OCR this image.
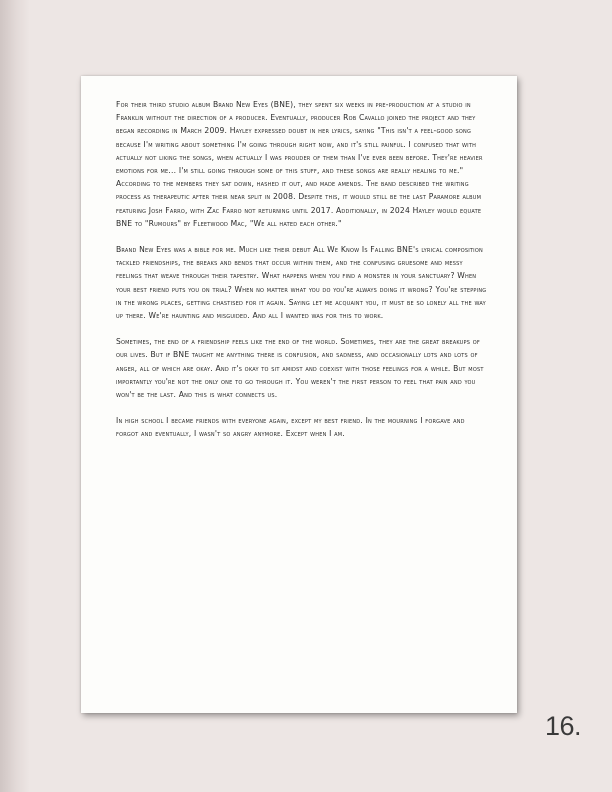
For their third studio album Brand New Eyes (BNE), they spent six weeks in pre-production at a studio in Franklin without the direction of a producer. Eventually, producer Rob Cavallo joined the project and they began recording in March 2009. Hayley expressed doubt in her lyrics, saying "This isn't a feel-good song because I'm writing about something I'm going through right now, and it's still painful. I confused that with actually not liking the songs, when actually I was prouder of them than I've ever been before. They're heavier emotions for me... I'm still going through some of this stuff, and these songs are really healing to me." According to the members they sat down, hashed it out, and made amends. The band described the writing process as therapeutic after their near split in 2008. Despite this, it would still be the last Paramore album featuring Josh Farro, with Zac Farro not returning until 2017. Additionally, in 2024 Hayley would equate BNE to "Rumours" by Fleetwood Mac, "We all hated each other."

Brand New Eyes was a bible for me. Much like their debut All We Know Is Falling BNE's lyrical composition tackled friendships, the breaks and bends that occur within them, and the confusing gruesome and messy feelings that weave through their tapestry. What happens when you find a monster in your sanctuary? When your best friend puts you on trial? When no matter what you do you're always doing it wrong? You're stepping in the wrong places, getting chastised for it again. Saying let me acquaint you, it must be so lonely all the way up there. We're haunting and misguided. And all I wanted was for this to work.

Sometimes, the end of a friendship feels like the end of the world. Sometimes, they are the great breakups of our lives. But if BNE taught me anything there is confusion, and sadness, and occasionally lots and lots of anger, all of which are okay. And it's okay to sit amidst and coexist with those feelings for a while. But most importantly you're not the only one to go through it. You weren't the first person to feel that pain and you won't be the last. And this is what connects us.

In high school I became friends with everyone again, except my best friend. In the mourning I forgave and forgot and eventually, I wasn't so angry anymore. Except when I am.

16.
